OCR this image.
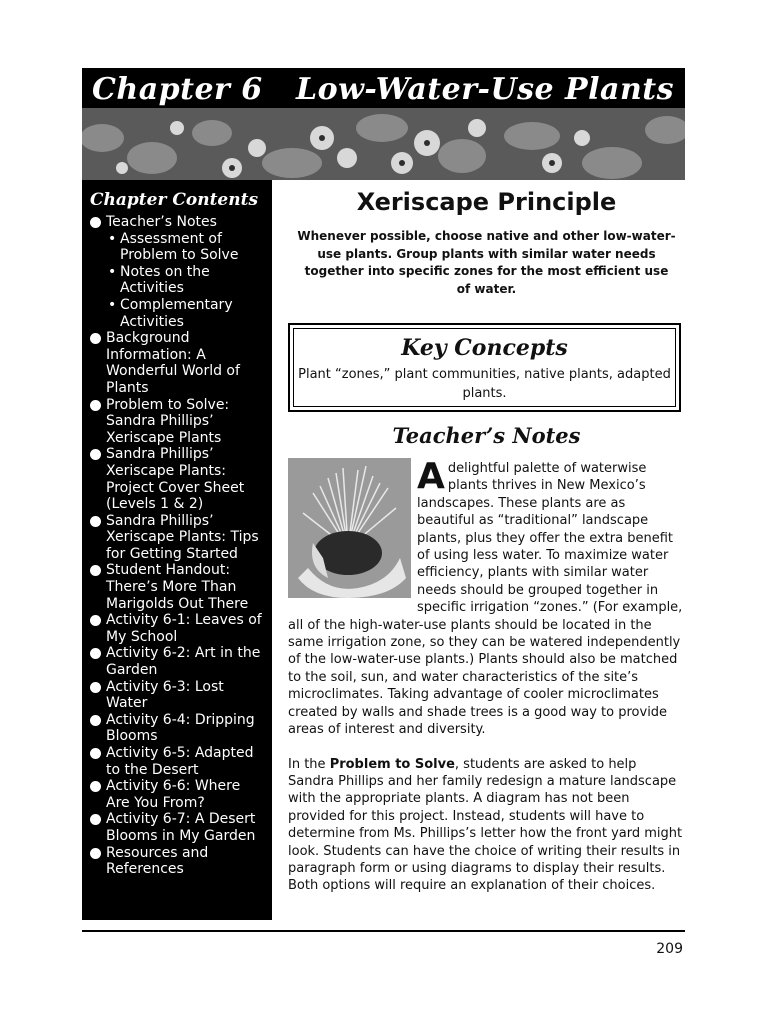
Chapter 6 Low-Water-Use Plants
Chapter Contents
Teacher’s Notes
• Assessment of Problem to Solve
• Notes on the Activities
• Complementary Activities
Background Information: A Wonderful World of Plants
Problem to Solve: Sandra Phillips’ Xeriscape Plants
Sandra Phillips’ Xeriscape Plants: Project Cover Sheet (Levels 1 & 2)
Sandra Phillips’ Xeriscape Plants: Tips for Getting Started
Student Handout: There’s More Than Marigolds Out There
Activity 6-1: Leaves of My School
Activity 6-2: Art in the Garden
Activity 6-3: Lost Water
Activity 6-4: Dripping Blooms
Activity 6-5: Adapted to the Desert
Activity 6-6: Where Are You From?
Activity 6-7: A Desert Blooms in My Garden
Resources and References
Xeriscape Principle
Whenever possible, choose native and other low-water-use plants. Group plants with similar water needs together into specific zones for the most efficient use of water.
Key Concepts
Plant “zones,” plant communities, native plants, adapted plants.
Teacher’s Notes

Adelightful palette of waterwise plants thrives in New Mexico’s landscapes. These plants are as beautiful as “traditional” landscape plants, plus they offer the extra benefit of using less water. To maximize water efficiency, plants with similar water needs should be grouped together in specific irrigation “zones.” (For example, all of the high-water-use plants should be located in the same irrigation zone, so they can be watered independently of the low-water-use plants.) Plants should also be matched to the soil, sun, and water characteristics of the site’s microclimates. Taking advantage of cooler microclimates created by walls and shade trees is a good way to provide areas of interest and diversity.

In the Problem to Solve, students are asked to help Sandra Phillips and her family redesign a mature landscape with the appropriate plants. A diagram has not been provided for this project. Instead, students will have to determine from Ms. Phillips’s letter how the front yard might look. Students can have the choice of writing their results in paragraph form or using diagrams to display their results. Both options will require an explanation of their choices.

209
